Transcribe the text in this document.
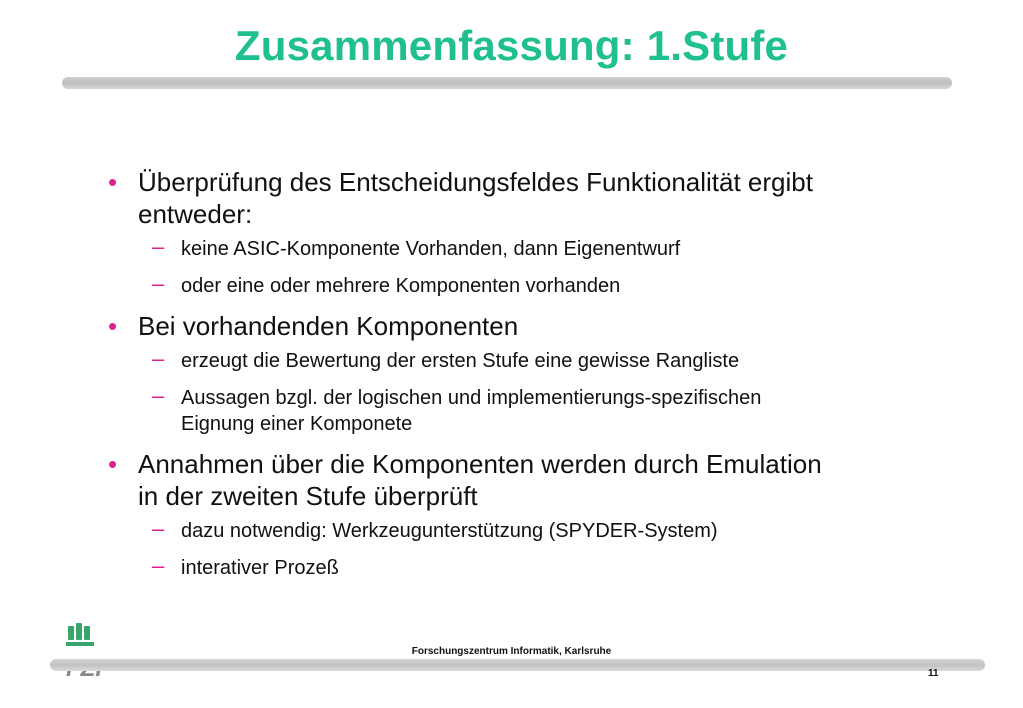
Zusammenfassung: 1.Stufe
• Überprüfung des Entscheidungsfeldes Funktionalität ergibt entweder:
– keine ASIC-Komponente Vorhanden, dann Eigenentwurf
– oder eine oder mehrere Komponenten vorhanden
• Bei vorhandenden Komponenten
– erzeugt die Bewertung der ersten Stufe eine gewisse Rangliste
– Aussagen bzgl. der logischen und implementierungs-spezifischen Eignung einer Komponete
• Annahmen über die Komponenten werden durch Emulation in der zweiten Stufe überprüft
– dazu notwendig: Werkzeugunterstützung (SPYDER-System)
– interativer Prozeß
Forschungszentrum Informatik, Karlsruhe
11
